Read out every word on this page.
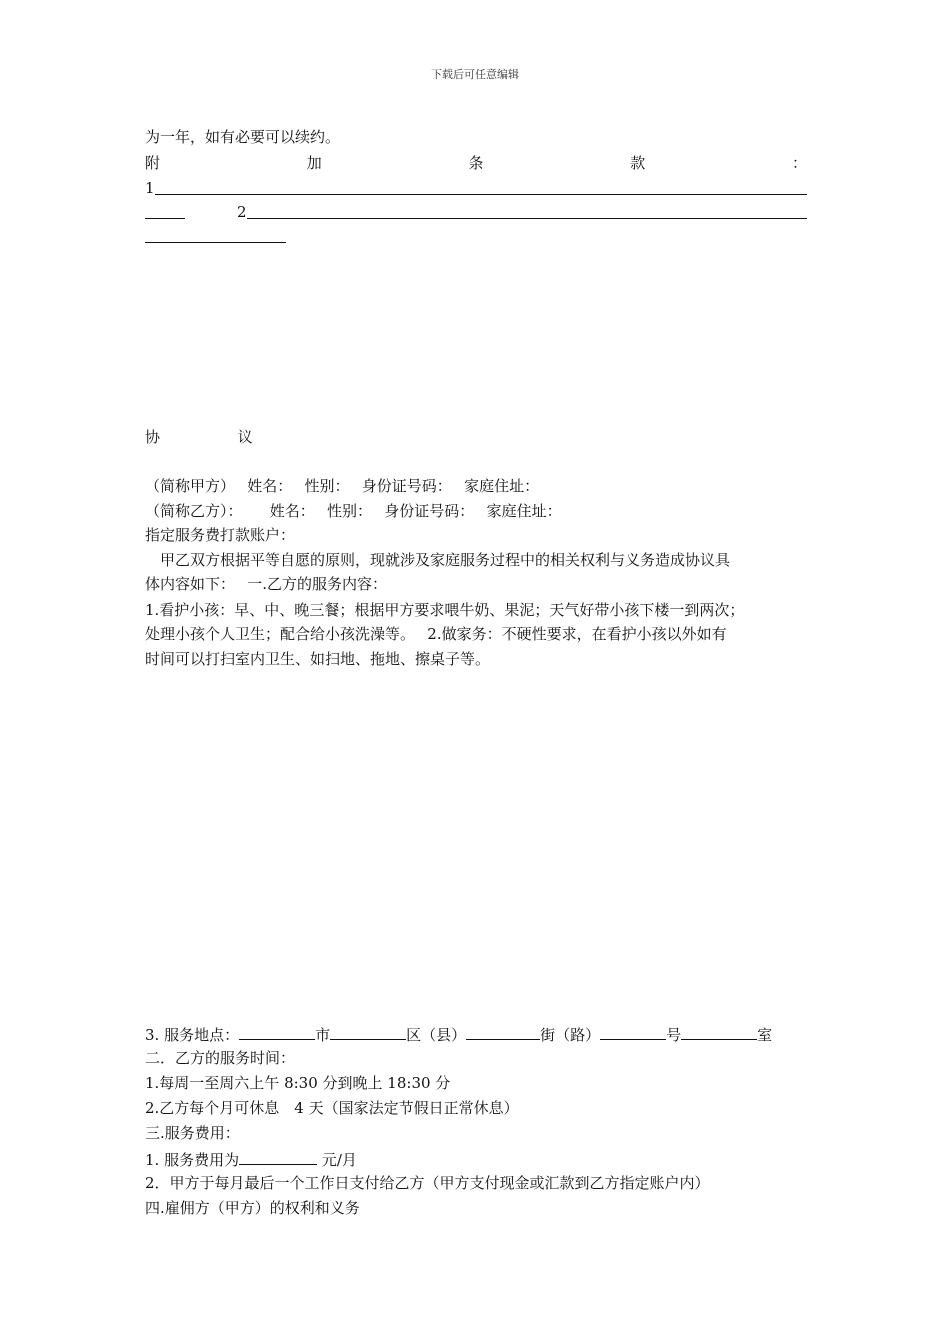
下载后可任意编辑
为一年，如有必要可以续约。
附	加	条	款	：
1
2
协	议
（简称甲方）　 姓名：　 性别：　 身份证号码：　 家庭住址：
（简称乙方）：　　 姓名：　 性别：　 身份证号码：　 家庭住址：
指定服务费打款账户：
　甲乙双方根据平等自愿的原则，现就涉及家庭服务过程中的相关权利与义务造成协议具
体内容如下：　 一.乙方的服务内容：
1.看护小孩：早、中、晚三餐；根据甲方要求喂牛奶、果泥；天气好带小孩下楼一到两次；
处理小孩个人卫生；配合给小孩洗澡等。　 2.做家务：不硬性要求，在看护小孩以外如有
时间可以打扫室内卫生、如扫地、拖地、擦桌子等。
3. 服务地点：	市	区（县）	街（路）	号	室
二．乙方的服务时间：
1.每周一至周六上午 8:30 分到晚上 18:30 分
2.乙方每个月可休息　4 天（国家法定节假日正常休息）
三.服务费用：
1. 服务费用为	元/月
2．甲方于每月最后一个工作日支付给乙方（甲方支付现金或汇款到乙方指定账户内）
四.雇佣方（甲方）的权利和义务
